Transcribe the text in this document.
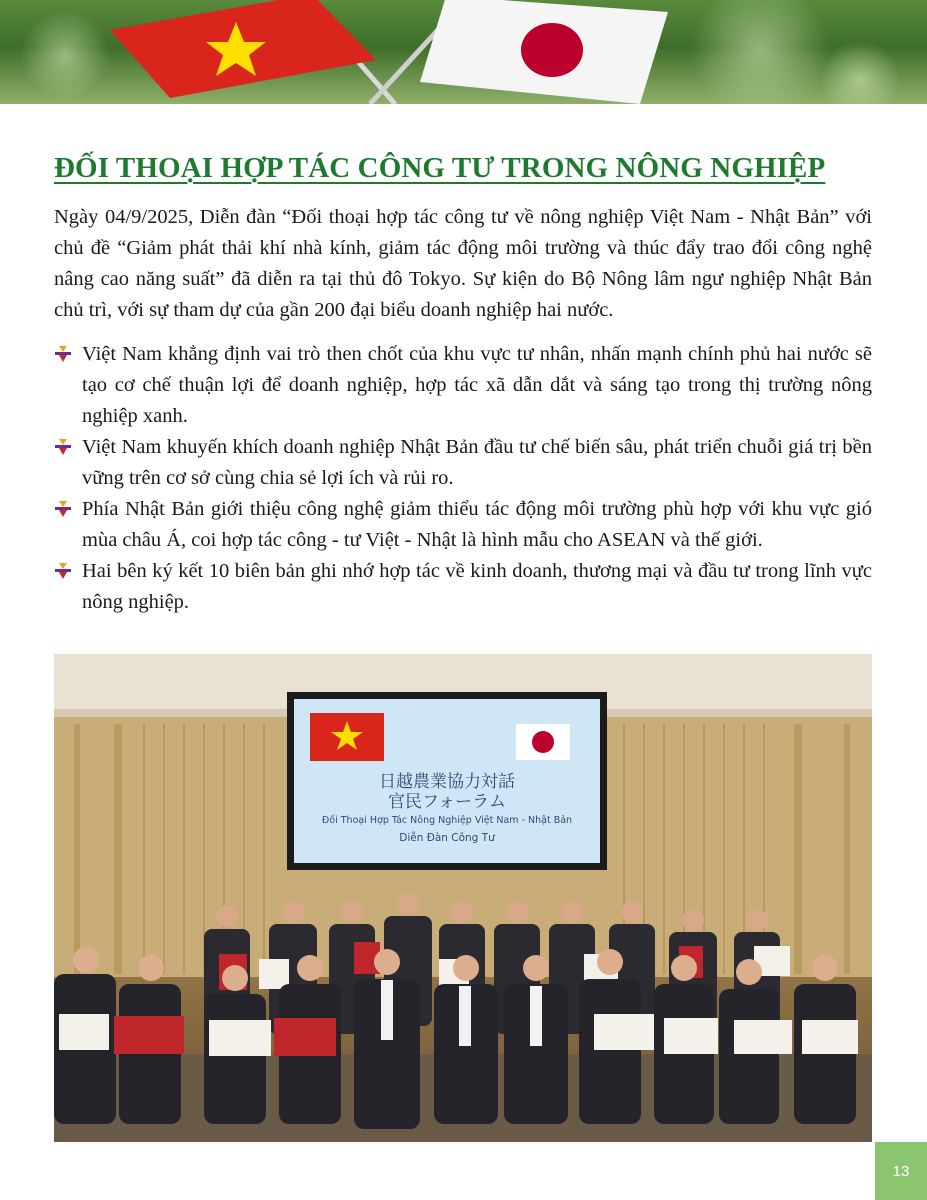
ĐỐI THOẠI HỢP TÁC CÔNG TƯ TRONG NÔNG NGHIỆP

Ngày 04/9/2025, Diễn đàn “Đối thoại hợp tác công tư về nông nghiệp Việt Nam - Nhật Bản” với chủ đề “Giảm phát thải khí nhà kính, giảm tác động môi trường và thúc đẩy trao đổi công nghệ nâng cao năng suất” đã diễn ra tại thủ đô Tokyo. Sự kiện do Bộ Nông lâm ngư nghiệp Nhật Bản chủ trì, với sự tham dự của gần 200 đại biểu doanh nghiệp hai nước.

Việt Nam khẳng định vai trò then chốt của khu vực tư nhân, nhấn mạnh chính phủ hai nước sẽ tạo cơ chế thuận lợi để doanh nghiệp, hợp tác xã dẫn dắt và sáng tạo trong thị trường nông nghiệp xanh.
Việt Nam khuyến khích doanh nghiệp Nhật Bản đầu tư chế biến sâu, phát triển chuỗi giá trị bền vững trên cơ sở cùng chia sẻ lợi ích và rủi ro.
Phía Nhật Bản giới thiệu công nghệ giảm thiểu tác động môi trường phù hợp với khu vực gió mùa châu Á, coi hợp tác công - tư Việt - Nhật là hình mẫu cho ASEAN và thế giới.
Hai bên ký kết 10 biên bản ghi nhớ hợp tác về kinh doanh, thương mại và đầu tư trong lĩnh vực nông nghiệp.
日越農業協力対話
官民フォーラム
Đối Thoại Hợp Tác Nông Nghiệp Việt Nam - Nhật Bản
Diễn Đàn Công Tư
13
